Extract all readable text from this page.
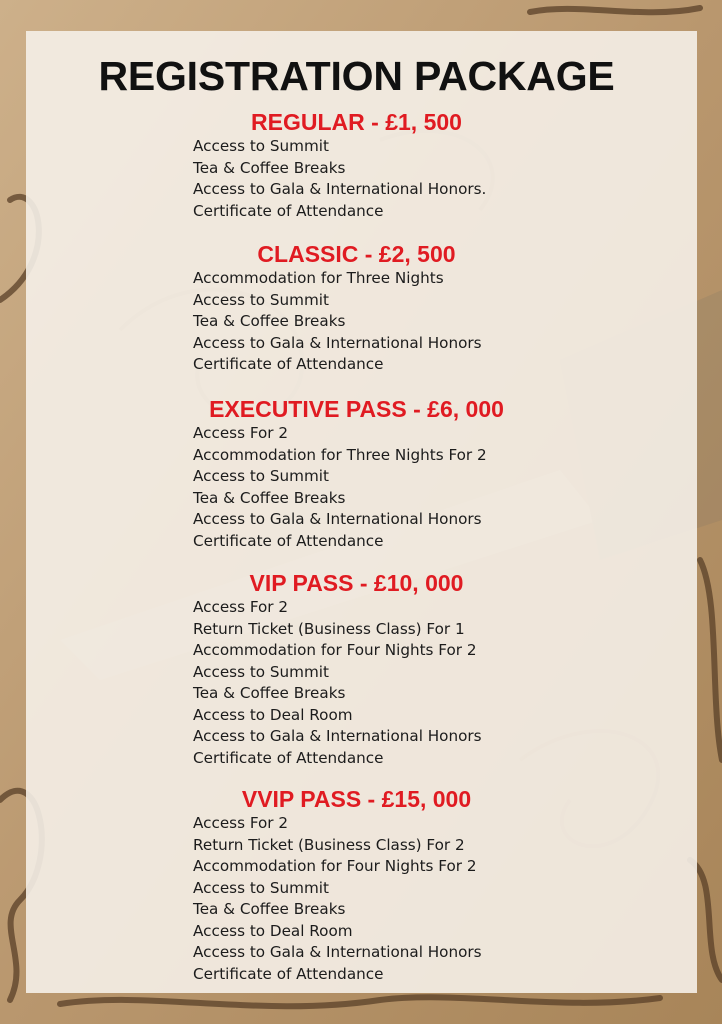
REGISTRATION PACKAGE
REGULAR - £1, 500
Access to Summit
Tea & Coffee Breaks
Access to Gala & International Honors.
Certificate of Attendance
CLASSIC - £2, 500
Accommodation for Three Nights
Access to Summit
Tea & Coffee Breaks
Access to Gala & International Honors
Certificate of Attendance
EXECUTIVE PASS - £6, 000
Access For 2
Accommodation for Three Nights For 2
Access to Summit
Tea & Coffee Breaks
Access to Gala & International Honors
Certificate of Attendance
VIP PASS - £10, 000
Access For 2
Return Ticket (Business Class) For 1
Accommodation for Four Nights For 2
Access to Summit
Tea & Coffee Breaks
Access to Deal Room
Access to Gala & International Honors
Certificate of Attendance
VVIP PASS - £15, 000
Access For 2
Return Ticket (Business Class) For 2
Accommodation for Four Nights For 2
Access to Summit
Tea & Coffee Breaks
Access to Deal Room
Access to Gala & International Honors
Certificate of Attendance
